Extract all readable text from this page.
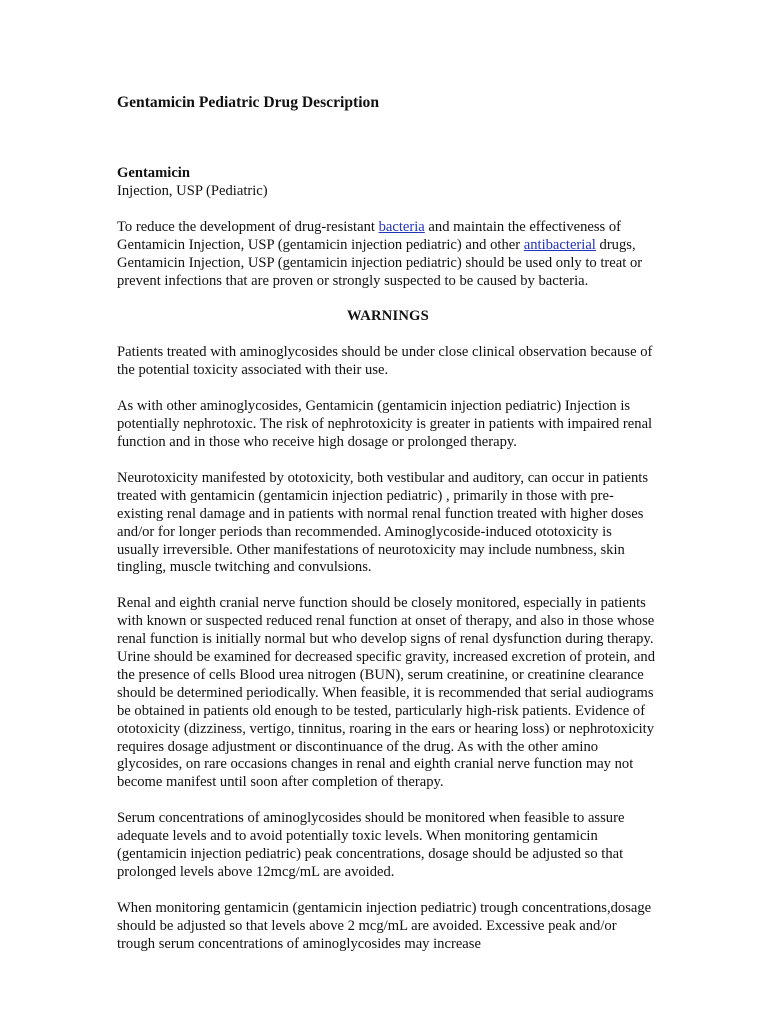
Gentamicin Pediatric Drug Description
Gentamicin
Injection, USP (Pediatric)

To reduce the development of drug-resistant bacteria and maintain the effectiveness of Gentamicin Injection, USP (gentamicin injection pediatric) and other antibacterial drugs, Gentamicin Injection, USP (gentamicin injection pediatric) should be used only to treat or prevent infections that are proven or strongly suspected to be caused by bacteria.

WARNINGS

Patients treated with aminoglycosides should be under close clinical observation because of the potential toxicity associated with their use.

As with other aminoglycosides, Gentamicin (gentamicin injection pediatric) Injection is potentially nephrotoxic. The risk of nephrotoxicity is greater in patients with impaired renal function and in those who receive high dosage or prolonged therapy.

Neurotoxicity manifested by ototoxicity, both vestibular and auditory, can occur in patients treated with gentamicin (gentamicin injection pediatric) , primarily in those with pre-existing renal damage and in patients with normal renal function treated with higher doses and/or for longer periods than recommended. Aminoglycoside-induced ototoxicity is usually irreversible. Other manifestations of neurotoxicity may include numbness, skin tingling, muscle twitching and convulsions.

Renal and eighth cranial nerve function should be closely monitored, especially in patients with known or suspected reduced renal function at onset of therapy, and also in those whose renal function is initially normal but who develop signs of renal dysfunction during therapy. Urine should be examined for decreased specific gravity, increased excretion of protein, and the presence of cells Blood urea nitrogen (BUN), serum creatinine, or creatinine clearance should be determined periodically. When feasible, it is recommended that serial audiograms be obtained in patients old enough to be tested, particularly high-risk patients. Evidence of ototoxicity (dizziness, vertigo, tinnitus, roaring in the ears or hearing loss) or nephrotoxicity requires dosage adjustment or discontinuance of the drug. As with the other amino glycosides, on rare occasions changes in renal and eighth cranial nerve function may not become manifest until soon after completion of therapy.

Serum concentrations of aminoglycosides should be monitored when feasible to assure adequate levels and to avoid potentially toxic levels. When monitoring gentamicin (gentamicin injection pediatric) peak concentrations, dosage should be adjusted so that prolonged levels above 12mcg/mL are avoided.

When monitoring gentamicin (gentamicin injection pediatric) trough concentrations,dosage should be adjusted so that levels above 2 mcg/mL are avoided. Excessive peak and/or trough serum concentrations of aminoglycosides may increase
